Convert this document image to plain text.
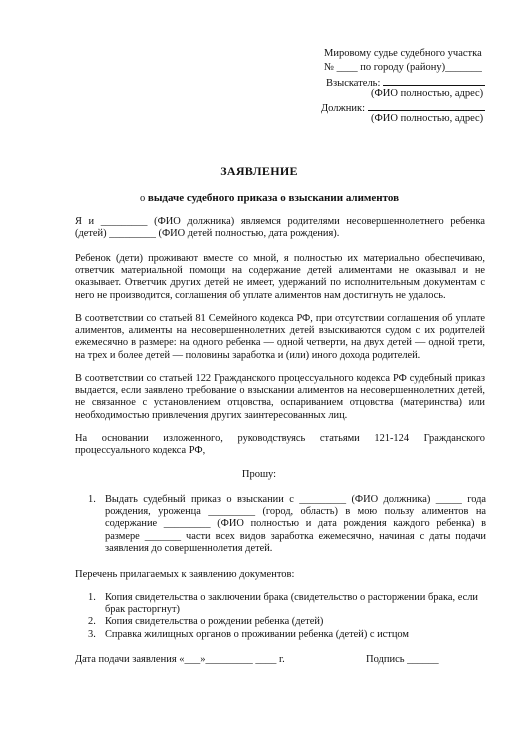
Мировому судье судебного участка
№ ____ по городу (району)_______
Взыскатель:
(ФИО полностью, адрес)
Должник:
(ФИО полностью, адрес)
ЗАЯВЛЕНИЕ
о выдаче судебного приказа о взыскании алиментов
Я и _________ (ФИО должника) являемся родителями несовершеннолетнего ребенка (детей) _________ (ФИО детей полностью, дата рождения).
Ребенок (дети) проживают вместе со мной, я полностью их материально обеспечиваю, ответчик материальной помощи на содержание детей алиментами не оказывал и не оказывает. Ответчик других детей не имеет, удержаний по исполнительным документам с него не производится, соглашения об уплате алиментов нам достигнуть не удалось.
В соответствии со статьей 81 Семейного кодекса РФ, при отсутствии соглашения об уплате алиментов, алименты на несовершеннолетних детей взыскиваются судом с их родителей ежемесячно в размере: на одного ребенка — одной четверти, на двух детей — одной трети, на трех и более детей — половины заработка и (или) иного дохода родителей.
В соответствии со статьей 122 Гражданского процессуального кодекса РФ судебный приказ выдается, если заявлено требование о взыскании алиментов на несовершеннолетних детей, не связанное с установлением отцовства, оспариванием отцовства (материнства) или необходимостью привлечения других заинтересованных лиц.
На основании изложенного, руководствуясь статьями 121-124 Гражданского процессуального кодекса РФ,
Прошу:
1. Выдать судебный приказ о взыскании с _________ (ФИО должника) _____ года рождения, уроженца _________ (город, область) в мою пользу алиментов на содержание _________ (ФИО полностью и дата рождения каждого ребенка) в размере _______ части всех видов заработка ежемесячно, начиная с даты подачи заявления до совершеннолетия детей.
Перечень прилагаемых к заявлению документов:
1. Копия свидетельства о заключении брака (свидетельство о расторжении брака, если брак расторгнут)
2. Копия свидетельства о рождении ребенка (детей)
3. Справка жилищных органов о проживании ребенка (детей) с истцом
Дата подачи заявления «___»_________ ____ г.	Подпись ______
